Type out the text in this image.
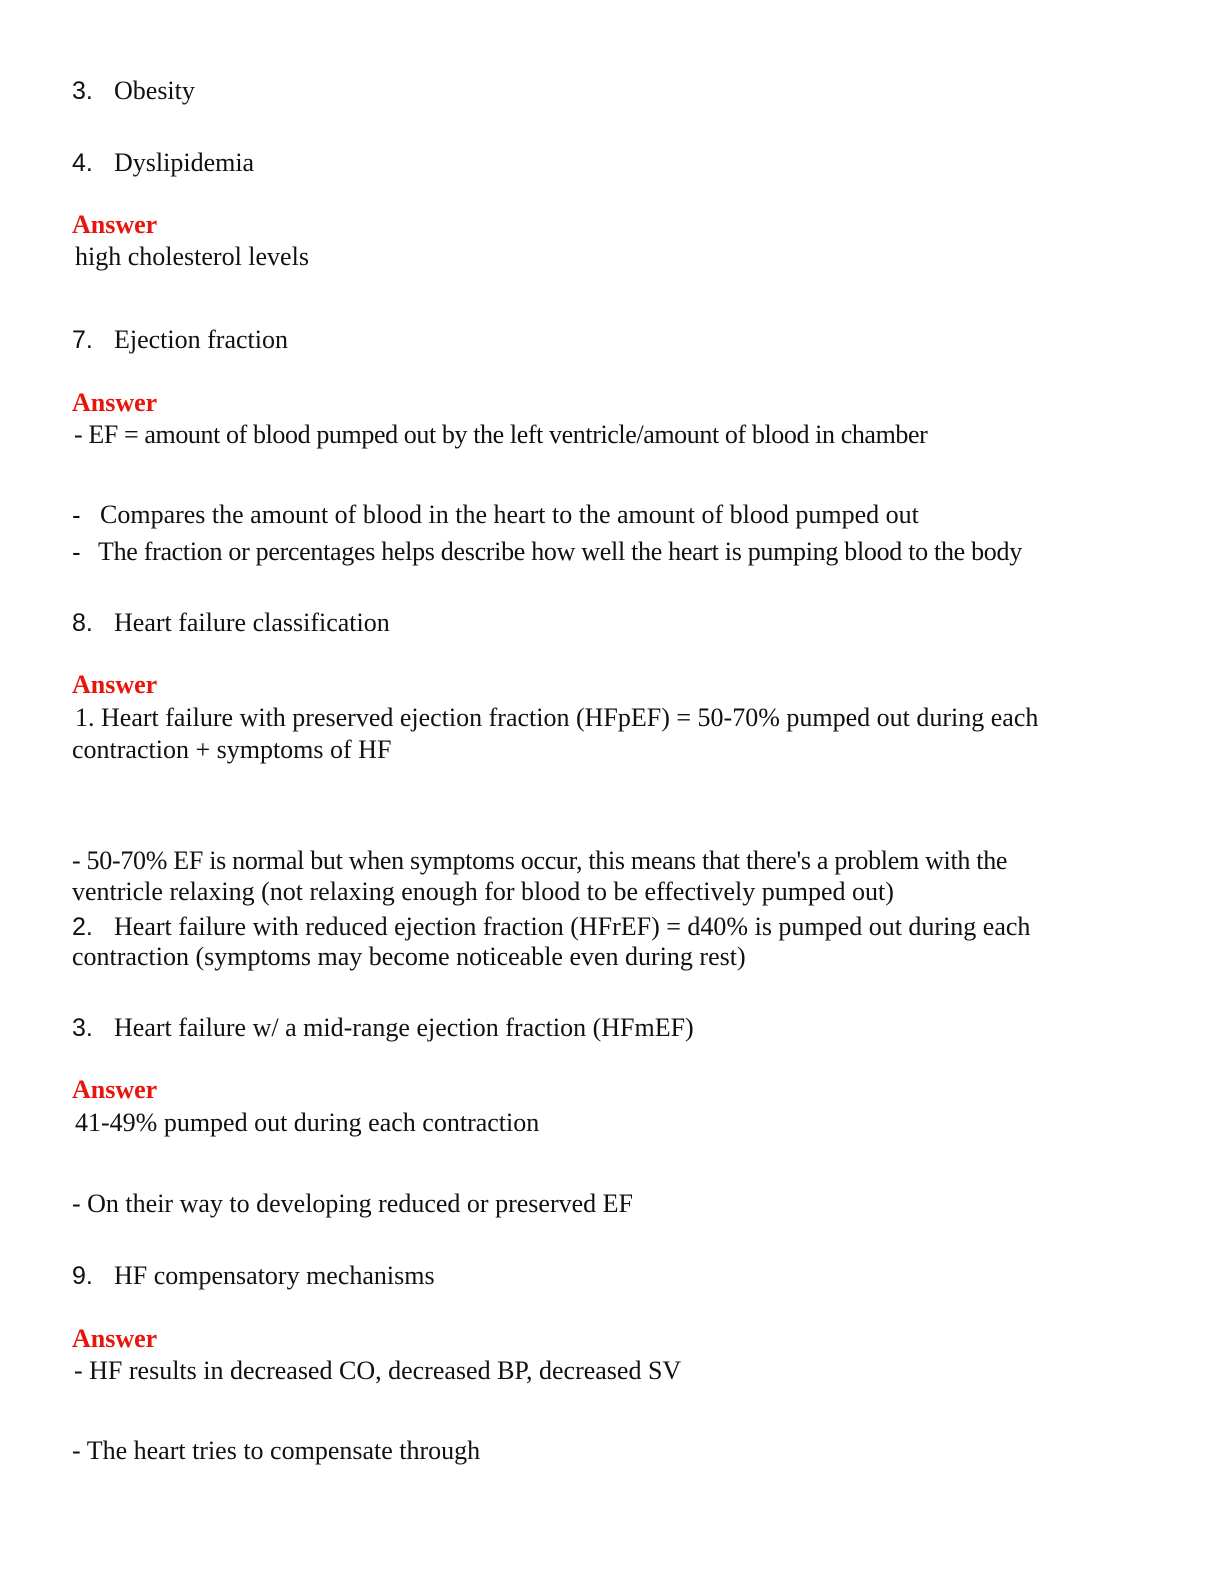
3. Obesity
4. Dyslipidemia
Answer
high cholesterol levels
7. Ejection fraction
Answer
- EF = amount of blood pumped out by the left ventricle/amount of blood in chamber
- Compares the amount of blood in the heart to the amount of blood pumped out
- The fraction or percentages helps describe how well the heart is pumping blood to the body
8. Heart failure classification
Answer
1. Heart failure with preserved ejection fraction (HFpEF) = 50-70% pumped out during each
contraction + symptoms of HF
- 50-70% EF is normal but when symptoms occur, this means that there's a problem with the
ventricle relaxing (not relaxing enough for blood to be effectively pumped out)
2. Heart failure with reduced ejection fraction (HFrEF) = d40% is pumped out during each
contraction (symptoms may become noticeable even during rest)
3. Heart failure w/ a mid-range ejection fraction (HFmEF)
Answer
41-49% pumped out during each contraction
- On their way to developing reduced or preserved EF
9. HF compensatory mechanisms
Answer
- HF results in decreased CO, decreased BP, decreased SV
- The heart tries to compensate through
